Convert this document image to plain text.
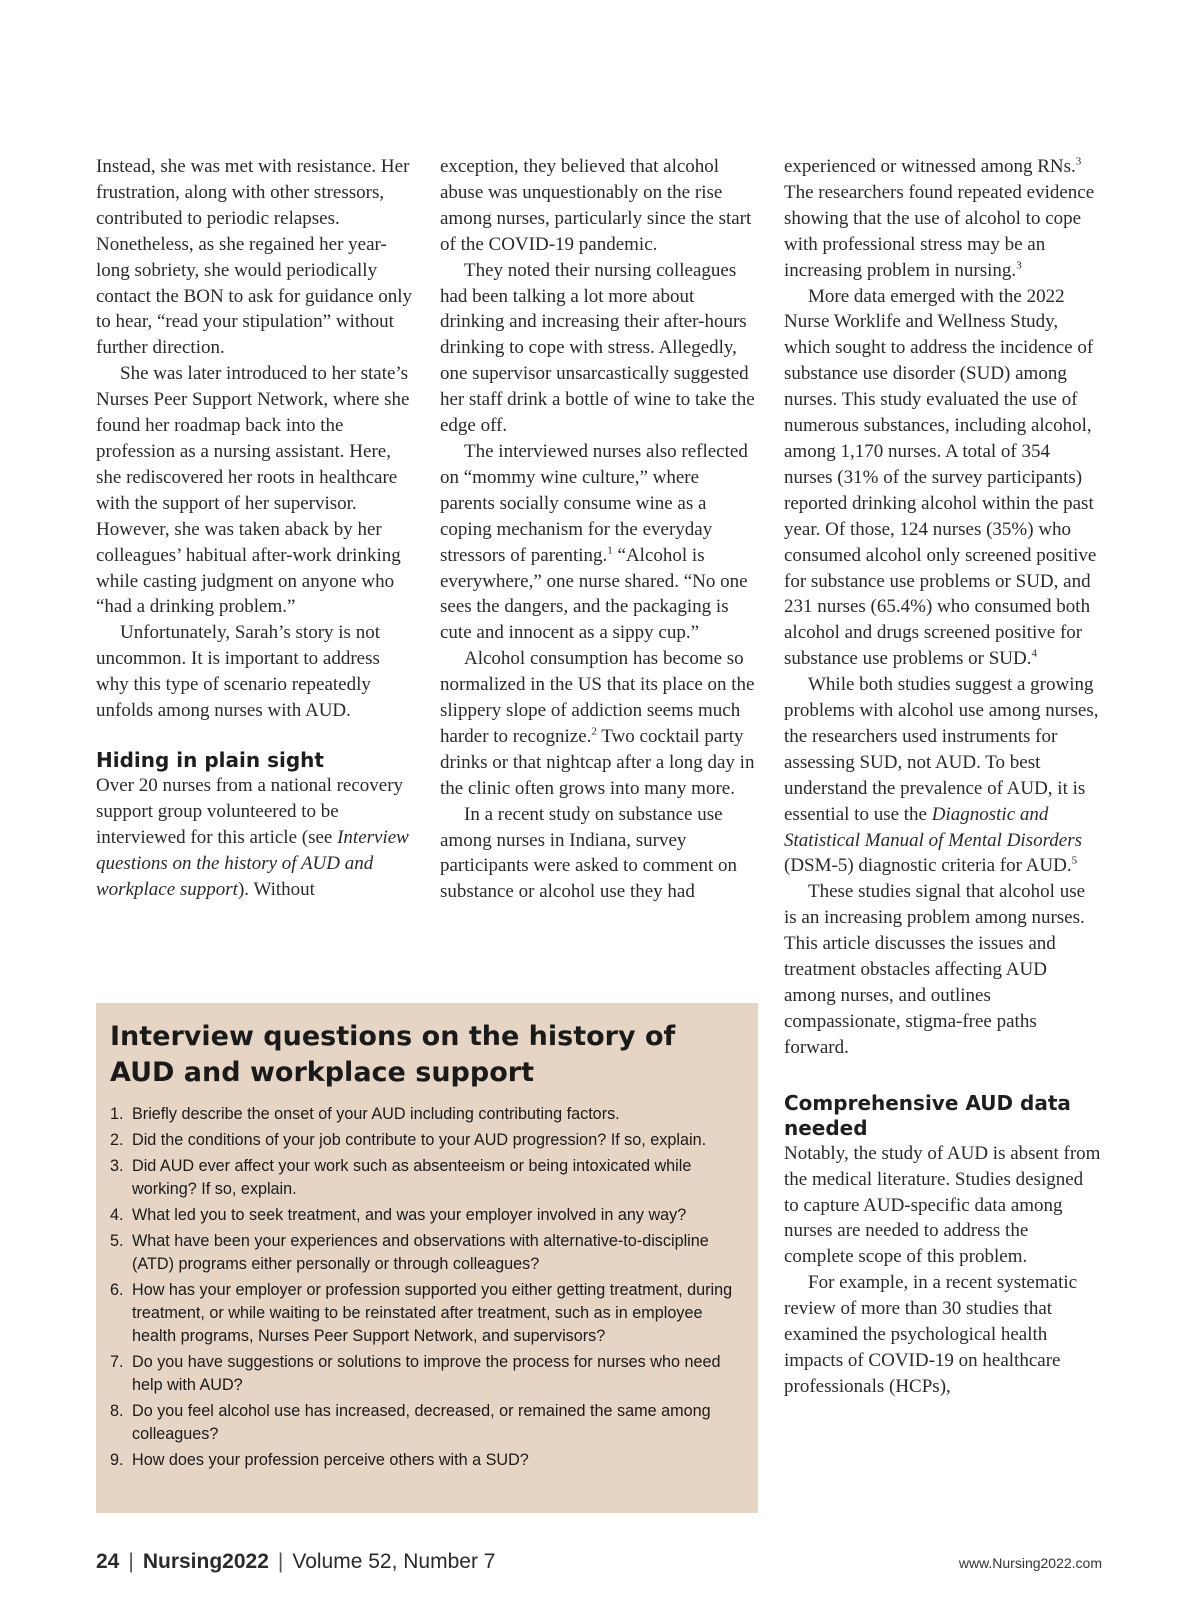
Instead, she was met with resistance. Her frustration, along with other stressors, contributed to periodic relapses. Nonetheless, as she regained her year-long sobriety, she would periodically contact the BON to ask for guidance only to hear, “read your stipulation” without further direction.

She was later introduced to her state’s Nurses Peer Support Network, where she found her roadmap back into the profession as a nursing assistant. Here, she rediscovered her roots in healthcare with the support of her supervisor. However, she was taken aback by her colleagues’ habitual after-work drinking while casting judgment on anyone who “had a drinking problem.”

Unfortunately, Sarah’s story is not uncommon. It is important to address why this type of scenario repeatedly unfolds among nurses with AUD.

Hiding in plain sight

Over 20 nurses from a national recovery support group volunteered to be interviewed for this article (see Interview questions on the history of AUD and workplace support). Without

exception, they believed that alcohol abuse was unquestionably on the rise among nurses, particularly since the start of the COVID-19 pandemic.

They noted their nursing colleagues had been talking a lot more about drinking and increasing their after-hours drinking to cope with stress. Allegedly, one supervisor unsarcastically suggested her staff drink a bottle of wine to take the edge off.

The interviewed nurses also reflected on “mommy wine culture,” where parents socially consume wine as a coping mechanism for the everyday stressors of parenting.$^1$ “Alcohol is everywhere,” one nurse shared. “No one sees the dangers, and the packaging is cute and innocent as a sippy cup.”

Alcohol consumption has become so normalized in the US that its place on the slippery slope of addiction seems much harder to recognize.$^2$ Two cocktail party drinks or that nightcap after a long day in the clinic often grows into many more.

In a recent study on substance use among nurses in Indiana, survey participants were asked to comment on substance or alcohol use they had

experienced or witnessed among RNs.$^3$ The researchers found repeated evidence showing that the use of alcohol to cope with professional stress may be an increasing problem in nursing.$^3$

More data emerged with the 2022 Nurse Worklife and Wellness Study, which sought to address the incidence of substance use disorder (SUD) among nurses. This study evaluated the use of numerous substances, including alcohol, among 1,170 nurses. A total of 354 nurses (31% of the survey participants) reported drinking alcohol within the past year. Of those, 124 nurses (35%) who consumed alcohol only screened positive for substance use problems or SUD, and 231 nurses (65.4%) who consumed both alcohol and drugs screened positive for substance use problems or SUD.$^4$

While both studies suggest a growing problems with alcohol use among nurses, the researchers used instruments for assessing SUD, not AUD. To best understand the prevalence of AUD, it is essential to use the Diagnostic and Statistical Manual of Mental Disorders (DSM-5) diagnostic criteria for AUD.$^5$

These studies signal that alcohol use is an increasing problem among nurses. This article discusses the issues and treatment obstacles affecting AUD among nurses, and outlines compassionate, stigma-free paths forward.

Comprehensive AUD data needed

Notably, the study of AUD is absent from the medical literature. Studies designed to capture AUD-specific data among nurses are needed to address the complete scope of this problem.

For example, in a recent systematic review of more than 30 studies that examined the psychological health impacts of COVID-19 on healthcare professionals (HCPs),

Interview questions on the history of AUD and workplace support
1. Briefly describe the onset of your AUD including contributing factors.
2. Did the conditions of your job contribute to your AUD progression? If so, explain.
3. Did AUD ever affect your work such as absenteeism or being intoxicated while working? If so, explain.
4. What led you to seek treatment, and was your employer involved in any way?
5. What have been your experiences and observations with alternative-to-discipline (ATD) programs either personally or through colleagues?
6. How has your employer or profession supported you either getting treatment, during treatment, or while waiting to be reinstated after treatment, such as in employee health programs, Nurses Peer Support Network, and supervisors?
7. Do you have suggestions or solutions to improve the process for nurses who need help with AUD?
8. Do you feel alcohol use has increased, decreased, or remained the same among colleagues?
9. How does your profession perceive others with a SUD?
24 | Nursing2022 | Volume 52, Number 7	www.Nursing2022.com
